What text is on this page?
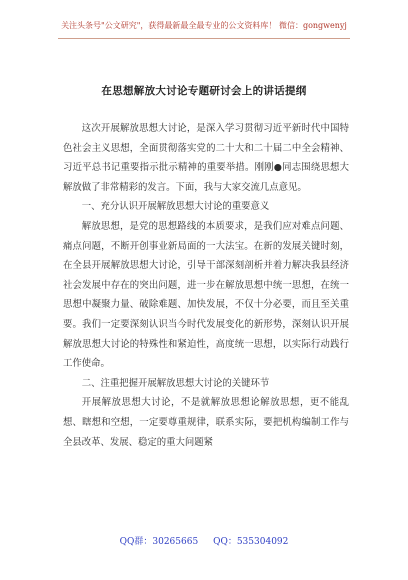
关注头条号"公文研究"，获得最新最全最专业的公文资料库！ 微信：gongwenyj
在思想解放大讨论专题研讨会上的讲话提纲

这次开展解放思想大讨论，是深入学习贯彻习近平新时代中国特色社会主义思想，全面贯彻落实党的二十大和二十届二中全会精神、习近平总书记重要指示批示精神的重要举措。刚刚●同志围绕思想大解放做了非常精彩的发言。下面，我与大家交流几点意见。

一、充分认识开展解放思想大讨论的重要意义

解放思想，是党的思想路线的本质要求，是我们应对难点问题、痛点问题，不断开创事业新局面的一大法宝。在新的发展关键时刻，在全县开展解放思想大讨论，引导干部深刻剖析并着力解决我县经济社会发展中存在的突出问题，进一步在解放思想中统一思想，在统一思想中凝聚力量、破除难题、加快发展，不仅十分必要，而且至关重要。我们一定要深刻认识当今时代发展变化的新形势，深刻认识开展解放思想大讨论的特殊性和紧迫性，高度统一思想，以实际行动践行工作使命。

二、注重把握开展解放思想大讨论的关键环节

开展解放思想大讨论，不是就解放思想论解放思想，更不能乱想、瞎想和空想，一定要尊重规律，联系实际，要把机构编制工作与全县改革、发展、稳定的重大问题紧

QQ群：30265665 QQ：535304092
